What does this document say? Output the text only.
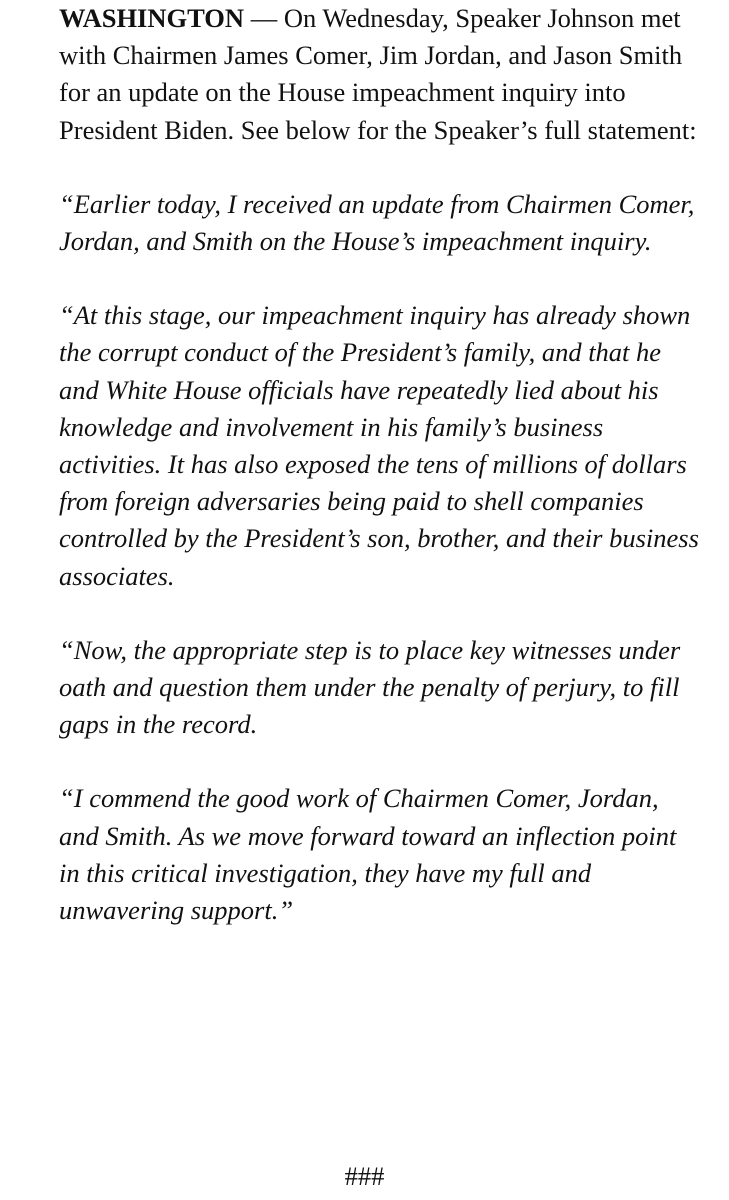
WASHINGTON — On Wednesday, Speaker Johnson met with Chairmen James Comer, Jim Jordan, and Jason Smith for an update on the House impeachment inquiry into President Biden. See below for the Speaker’s full statement:

“Earlier today, I received an update from Chairmen Comer, Jordan, and Smith on the House’s impeachment inquiry.

“At this stage, our impeachment inquiry has already shown the corrupt conduct of the President’s family, and that he and White House officials have repeatedly lied about his knowledge and involvement in his family’s business activities. It has also exposed the tens of millions of dollars from foreign adversaries being paid to shell companies controlled by the President’s son, brother, and their business associates.

“Now, the appropriate step is to place key witnesses under oath and question them under the penalty of perjury, to fill gaps in the record.

“I commend the good work of Chairmen Comer, Jordan, and Smith. As we move forward toward an inflection point in this critical investigation, they have my full and unwavering support.”

###
